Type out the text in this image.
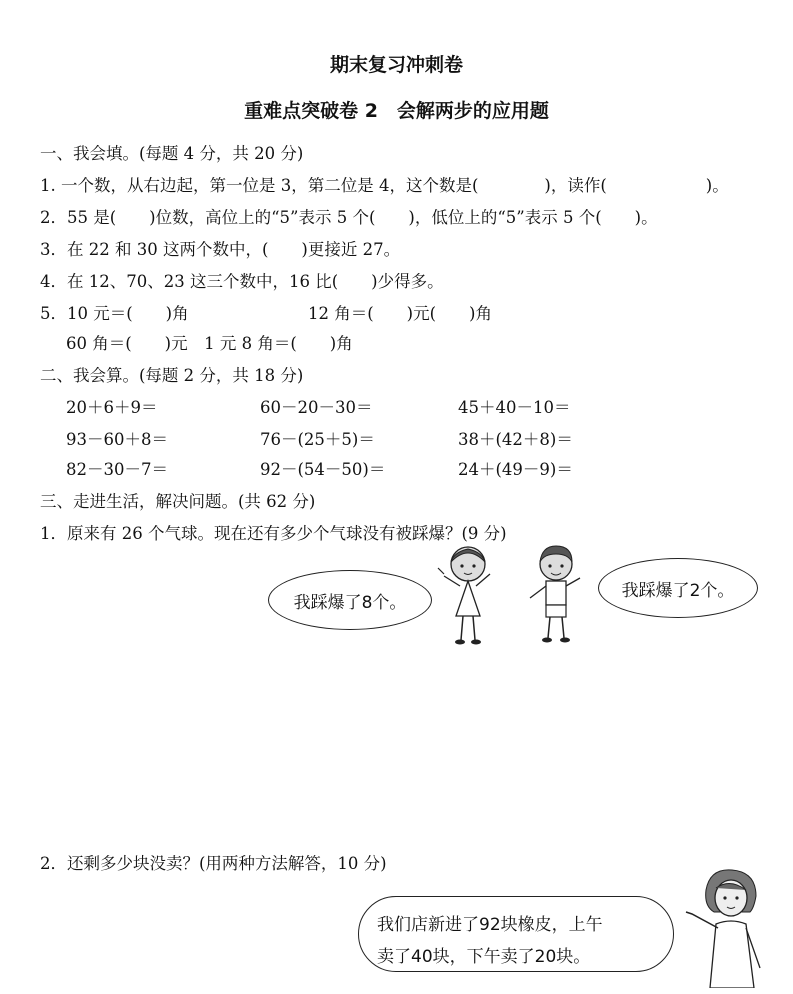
期末复习冲刺卷
重难点突破卷 2　会解两步的应用题
一、我会填。(每题 4 分，共 20 分)
1. 一个数，从右边起，第一位是 3，第二位是 4，这个数是(　　　　)，读作(　　　　　　)。
2．55 是(　　)位数，高位上的“5”表示 5 个(　　)，低位上的“5”表示 5 个(　　)。
3．在 22 和 30 这两个数中，(　　)更接近 27。
4．在 12、70、23 这三个数中，16 比(　　)少得多。
5．10 元＝(　　)角	12 角＝(　　)元(　　)角
60 角＝(　　)元　1 元 8 角＝(　　)角
二、我会算。(每题 2 分，共 18 分)
20＋6＋9＝	60－20－30＝	45＋40－10＝
93－60＋8＝	76－(25＋5)＝	38＋(42＋8)＝
82－30－7＝	92－(54－50)＝	24＋(49－9)＝
三、走进生活，解决问题。(共 62 分)
1．原来有 26 个气球。现在还有多少个气球没有被踩爆？(9 分)
我踩爆了8个。
我踩爆了2个。
2．还剩多少块没卖？(用两种方法解答，10 分)
我们店新进了92块橡皮，上午
卖了40块，下午卖了20块。
